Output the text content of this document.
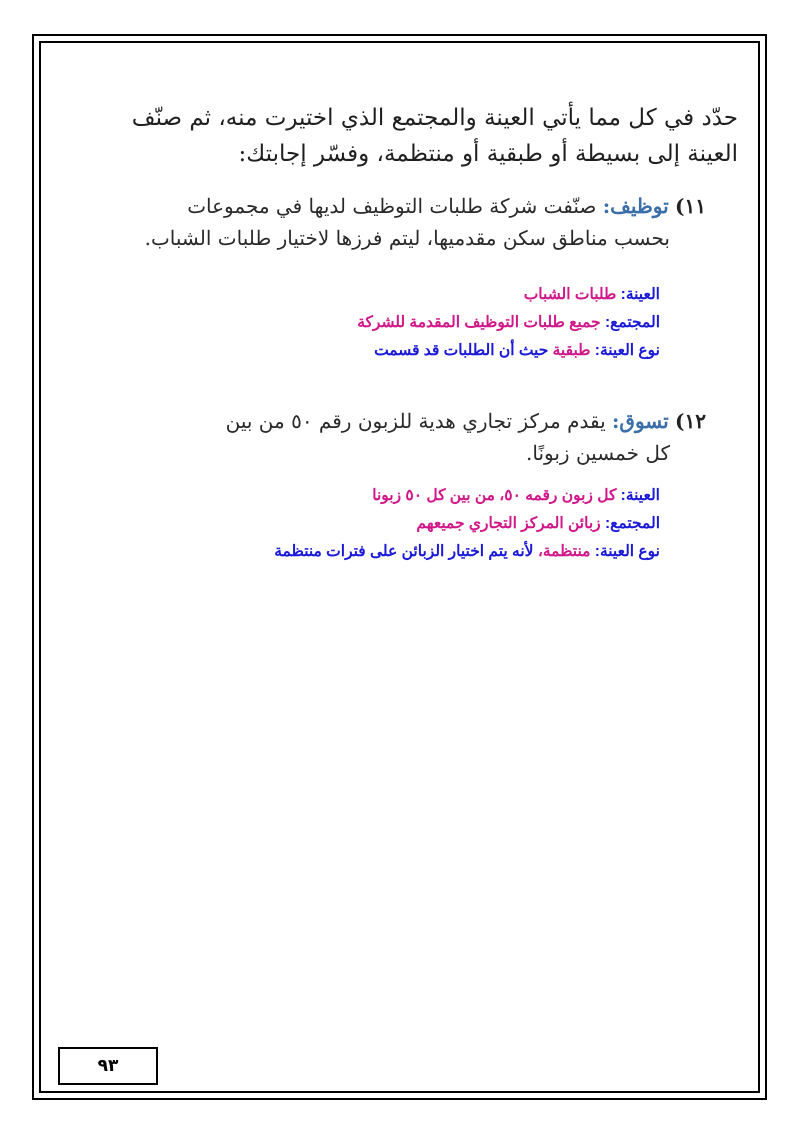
حدّد في كل مما يأتي العينة والمجتمع الذي اختيرت منه، ثم صنّف
العينة إلى بسيطة أو طبقية أو منتظمة، وفسّر إجابتك:
١١) توظيف: صنّفت شركة طلبات التوظيف لديها في مجموعات
بحسب مناطق سكن مقدميها، ليتم فرزها لاختيار طلبات الشباب.
العينة: طلبات الشباب
المجتمع: جميع طلبات التوظيف المقدمة للشركة
نوع العينة: طبقية حيث أن الطلبات قد قسمت
١٢) تسوق: يقدم مركز تجاري هدية للزبون رقم ٥٠ من بين
كل خمسين زبونًا.
العينة: كل زبون رقمه ٥٠، من بين كل ٥٠ زبونا
المجتمع: زبائن المركز التجاري جميعهم
نوع العينة: منتظمة، لأنه يتم اختيار الزبائن على فترات منتظمة
٩٣
